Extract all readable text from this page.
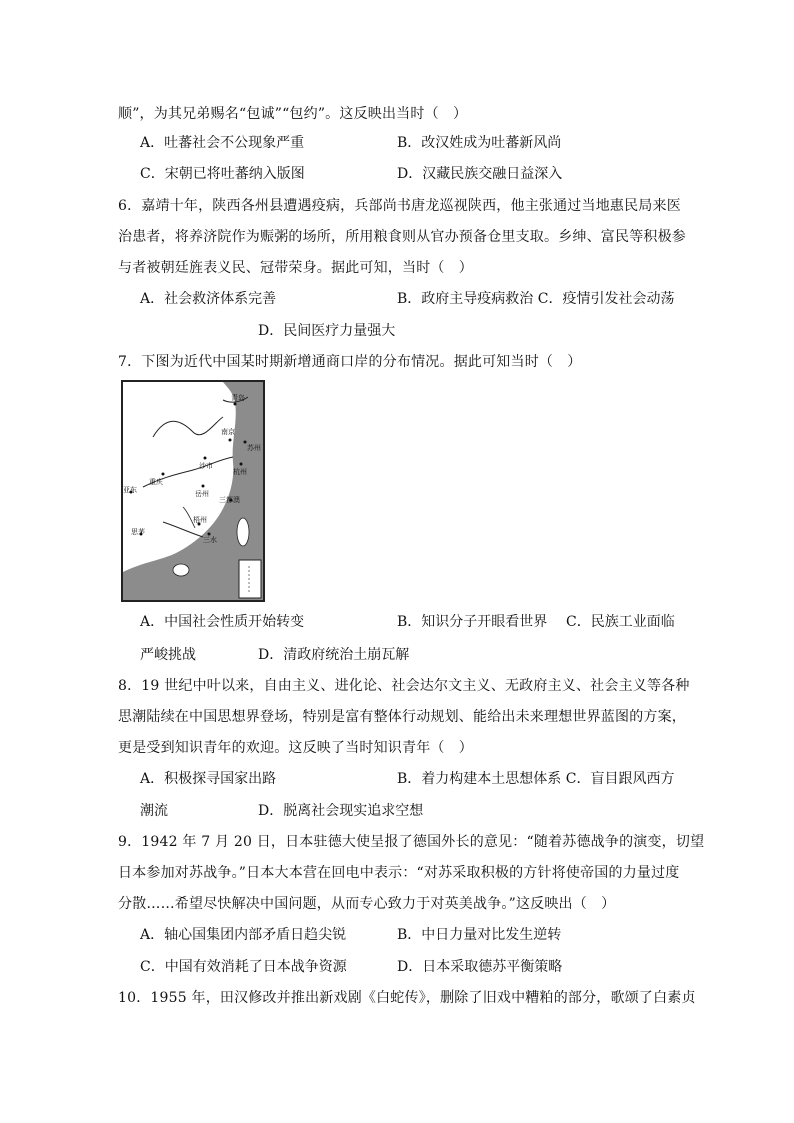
顺”，为其兄弟赐名“包诚”“包约”。这反映出当时（　）
A．吐蕃社会不公现象严重	B．改汉姓成为吐蕃新风尚
C．宋朝已将吐蕃纳入版图	D．汉藏民族交融日益深入
6．嘉靖十年，陕西各州县遭遇疫病，兵部尚书唐龙巡视陕西，他主张通过当地惠民局来医
治患者，将养济院作为赈粥的场所，所用粮食则从官办预备仓里支取。乡绅、富民等积极参
与者被朝廷旌表义民、冠带荣身。据此可知，当时（　）
A．社会救济体系完善	B．政府主导疫病救治 C．疫情引发社会动荡
D．民间医疗力量强大
7．下图为近代中国某时期新增通商口岸的分布情况。据此可知当时（　）
青岛
南京
沙市
重庆
杭州
苏州
亚东	岳州
三都澳
思茅
梧州
三水
A．中国社会性质开始转变	B．知识分子开眼看世界 C．民族工业面临
严峻挑战	D．清政府统治土崩瓦解
8．19 世纪中叶以来，自由主义、进化论、社会达尔文主义、无政府主义、社会主义等各种
思潮陆续在中国思想界登场，特别是富有整体行动规划、能给出未来理想世界蓝图的方案，
更是受到知识青年的欢迎。这反映了当时知识青年（　）
A．积极探寻国家出路	B．着力构建本土思想体系 C．盲目跟风西方
潮流	D．脱离社会现实追求空想
9．1942 年 7 月 20 日，日本驻德大使呈报了德国外长的意见：“随着苏德战争的演变，切望
日本参加对苏战争。”日本大本营在回电中表示：“对苏采取积极的方针将使帝国的力量过度
分散……希望尽快解决中国问题，从而专心致力于对英美战争。”这反映出（　）
A．轴心国集团内部矛盾日趋尖锐	B．中日力量对比发生逆转
C．中国有效消耗了日本战争资源	D．日本采取德苏平衡策略
10．1955 年，田汉修改并推出新戏剧《白蛇传》，删除了旧戏中糟粕的部分，歌颂了白素贞
